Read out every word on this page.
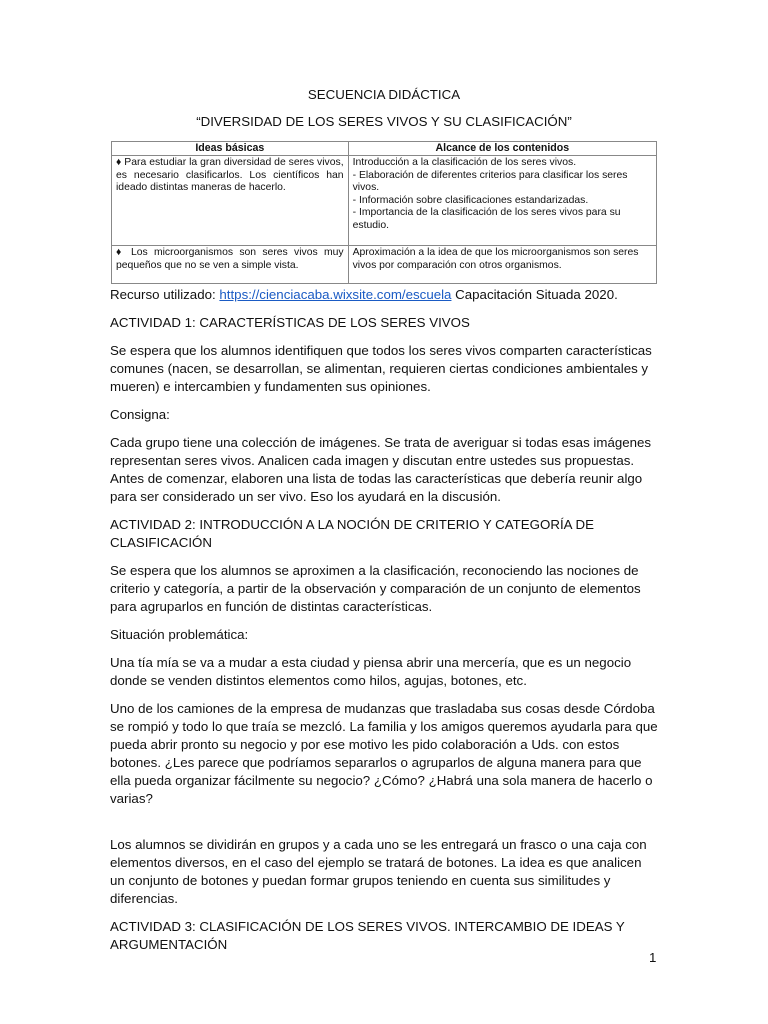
SECUENCIA DIDÁCTICA

“DIVERSIDAD DE LOS SERES VIVOS Y SU CLASIFICACIÓN”

Ideas básicas	Alcance de los contenidos
♦ Para estudiar la gran diversidad de seres vivos, es necesario clasificarlos. Los científicos han ideado distintas maneras de hacerlo.	Introducción a la clasificación de los seres vivos.
- Elaboración de diferentes criterios para clasificar los seres vivos.
- Información sobre clasificaciones estandarizadas.
- Importancia de la clasificación de los seres vivos para su estudio.

♦ Los microorganismos son seres vivos muy pequeños que no se ven a simple vista.	Aproximación a la idea de que los microorganismos son seres vivos por comparación con otros organismos.

Recurso utilizado: https://cienciacaba.wixsite.com/escuela Capacitación Situada 2020.

ACTIVIDAD 1: CARACTERÍSTICAS DE LOS SERES VIVOS

Se espera que los alumnos identifiquen que todos los seres vivos comparten características comunes (nacen, se desarrollan, se alimentan, requieren ciertas condiciones ambientales y mueren) e intercambien y fundamenten sus opiniones.

Consigna:

Cada grupo tiene una colección de imágenes. Se trata de averiguar si todas esas imágenes representan seres vivos. Analicen cada imagen y discutan entre ustedes sus propuestas. Antes de comenzar, elaboren una lista de todas las características que debería reunir algo para ser considerado un ser vivo. Eso los ayudará en la discusión.

ACTIVIDAD 2: INTRODUCCIÓN A LA NOCIÓN DE CRITERIO Y CATEGORÍA DE CLASIFICACIÓN

Se espera que los alumnos se aproximen a la clasificación, reconociendo las nociones de criterio y categoría, a partir de la observación y comparación de un conjunto de elementos para agruparlos en función de distintas características.

Situación problemática:

Una tía mía se va a mudar a esta ciudad y piensa abrir una mercería, que es un negocio donde se venden distintos elementos como hilos, agujas, botones, etc.

Uno de los camiones de la empresa de mudanzas que trasladaba sus cosas desde Córdoba se rompió y todo lo que traía se mezcló. La familia y los amigos queremos ayudarla para que pueda abrir pronto su negocio y por ese motivo les pido colaboración a Uds. con estos botones. ¿Les parece que podríamos separarlos o agruparlos de alguna manera para que ella pueda organizar fácilmente su negocio? ¿Cómo? ¿Habrá una sola manera de hacerlo o varias?

Los alumnos se dividirán en grupos y a cada uno se les entregará un frasco o una caja con elementos diversos, en el caso del ejemplo se tratará de botones. La idea es que analicen un conjunto de botones y puedan formar grupos teniendo en cuenta sus similitudes y diferencias.

ACTIVIDAD 3: CLASIFICACIÓN DE LOS SERES VIVOS. INTERCAMBIO DE IDEAS Y ARGUMENTACIÓN

1
